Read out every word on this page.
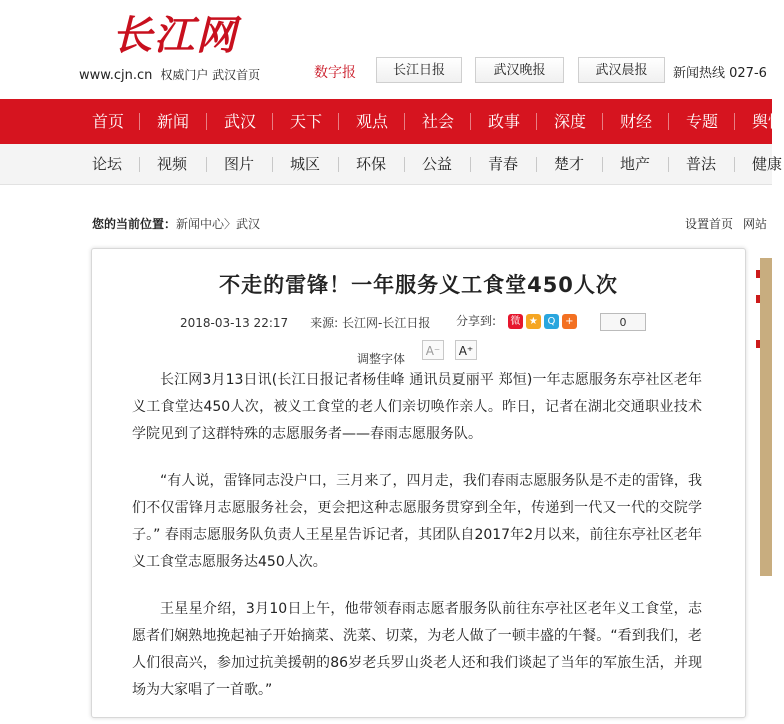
长江网
www.cjn.cn 权威门户 武汉首页	数字报	长江日报	武汉晚报	武汉晨报	新闻热线 027-6
首页 新闻 武汉 天下 观点 社会 政事 深度 财经 专题 舆情
论坛 视频 图片 城区 环保 公益 青春 楚才 地产 普法 健康
您的当前位置：新闻中心〉武汉	设置首页 网站
不走的雷锋！一年服务义工食堂450人次
2018-03-13 22:17 来源: 长江网-长江日报 分享到: 微 ★ Q +	0
调整字体
A⁻	A⁺

长江网3月13日讯(长江日报记者杨佳峰 通讯员夏丽平 郑恒)一年志愿服务东亭社区老年义工食堂达450人次，被义工食堂的老人们亲切唤作亲人。昨日，记者在湖北交通职业技术学院见到了这群特殊的志愿服务者——春雨志愿服务队。

“有人说，雷锋同志没户口，三月来了，四月走，我们春雨志愿服务队是不走的雷锋，我们不仅雷锋月志愿服务社会，更会把这种志愿服务贯穿到全年，传递到一代又一代的交院学子。” 春雨志愿服务队负责人王星星告诉记者，其团队自2017年2月以来，前往东亭社区老年义工食堂志愿服务达450人次。

王星星介绍，3月10日上午，他带领春雨志愿者服务队前往东亭社区老年义工食堂，志愿者们娴熟地挽起袖子开始摘菜、洗菜、切菜，为老人做了一顿丰盛的午餐。“看到我们，老人们很高兴，参加过抗美援朝的86岁老兵罗山炎老人还和我们谈起了当年的军旅生活，并现场为大家唱了一首歌。”
